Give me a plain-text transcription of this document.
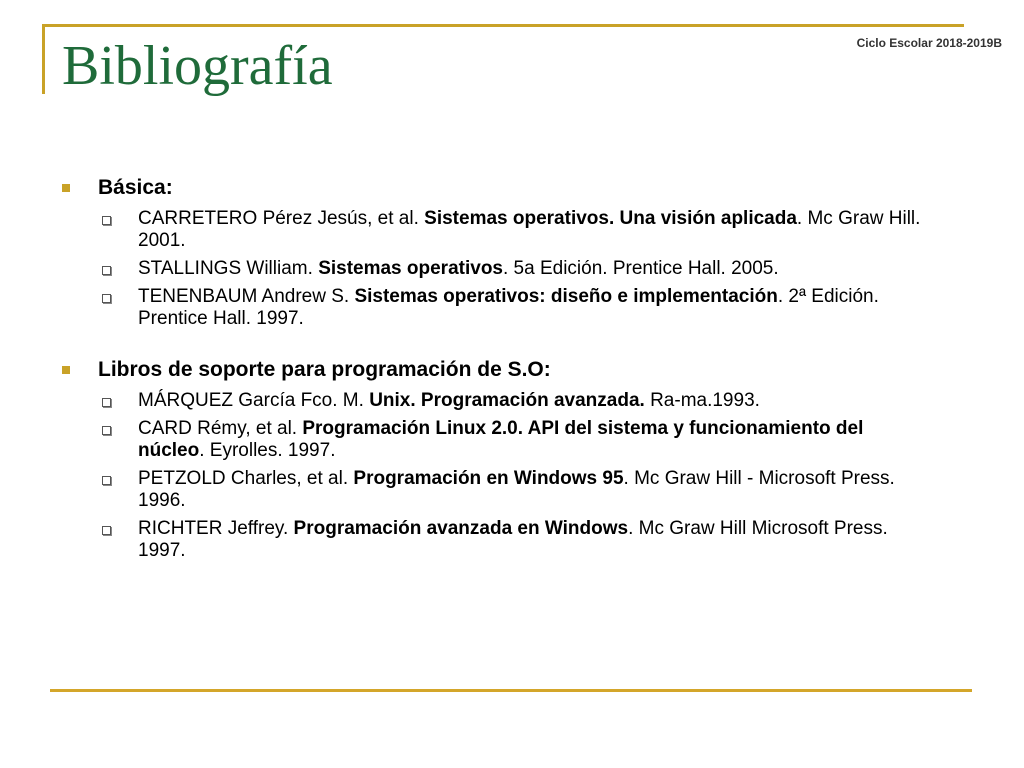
Ciclo Escolar 2018-2019B
Bibliografía
Básica:
CARRETERO Pérez Jesús, et al. Sistemas operativos. Una visión aplicada. Mc Graw Hill. 2001.
STALLINGS William. Sistemas operativos. 5a Edición. Prentice Hall. 2005.
TENENBAUM Andrew S. Sistemas operativos: diseño e implementación. 2ª Edición. Prentice Hall. 1997.
Libros de soporte para programación de S.O:
MÁRQUEZ García Fco. M. Unix. Programación avanzada. Ra-ma.1993.
CARD Rémy, et al. Programación Linux 2.0. API del sistema y funcionamiento del núcleo. Eyrolles. 1997.
PETZOLD Charles, et al. Programación en Windows 95. Mc Graw Hill - Microsoft Press. 1996.
RICHTER Jeffrey. Programación avanzada en Windows. Mc Graw Hill Microsoft Press. 1997.
